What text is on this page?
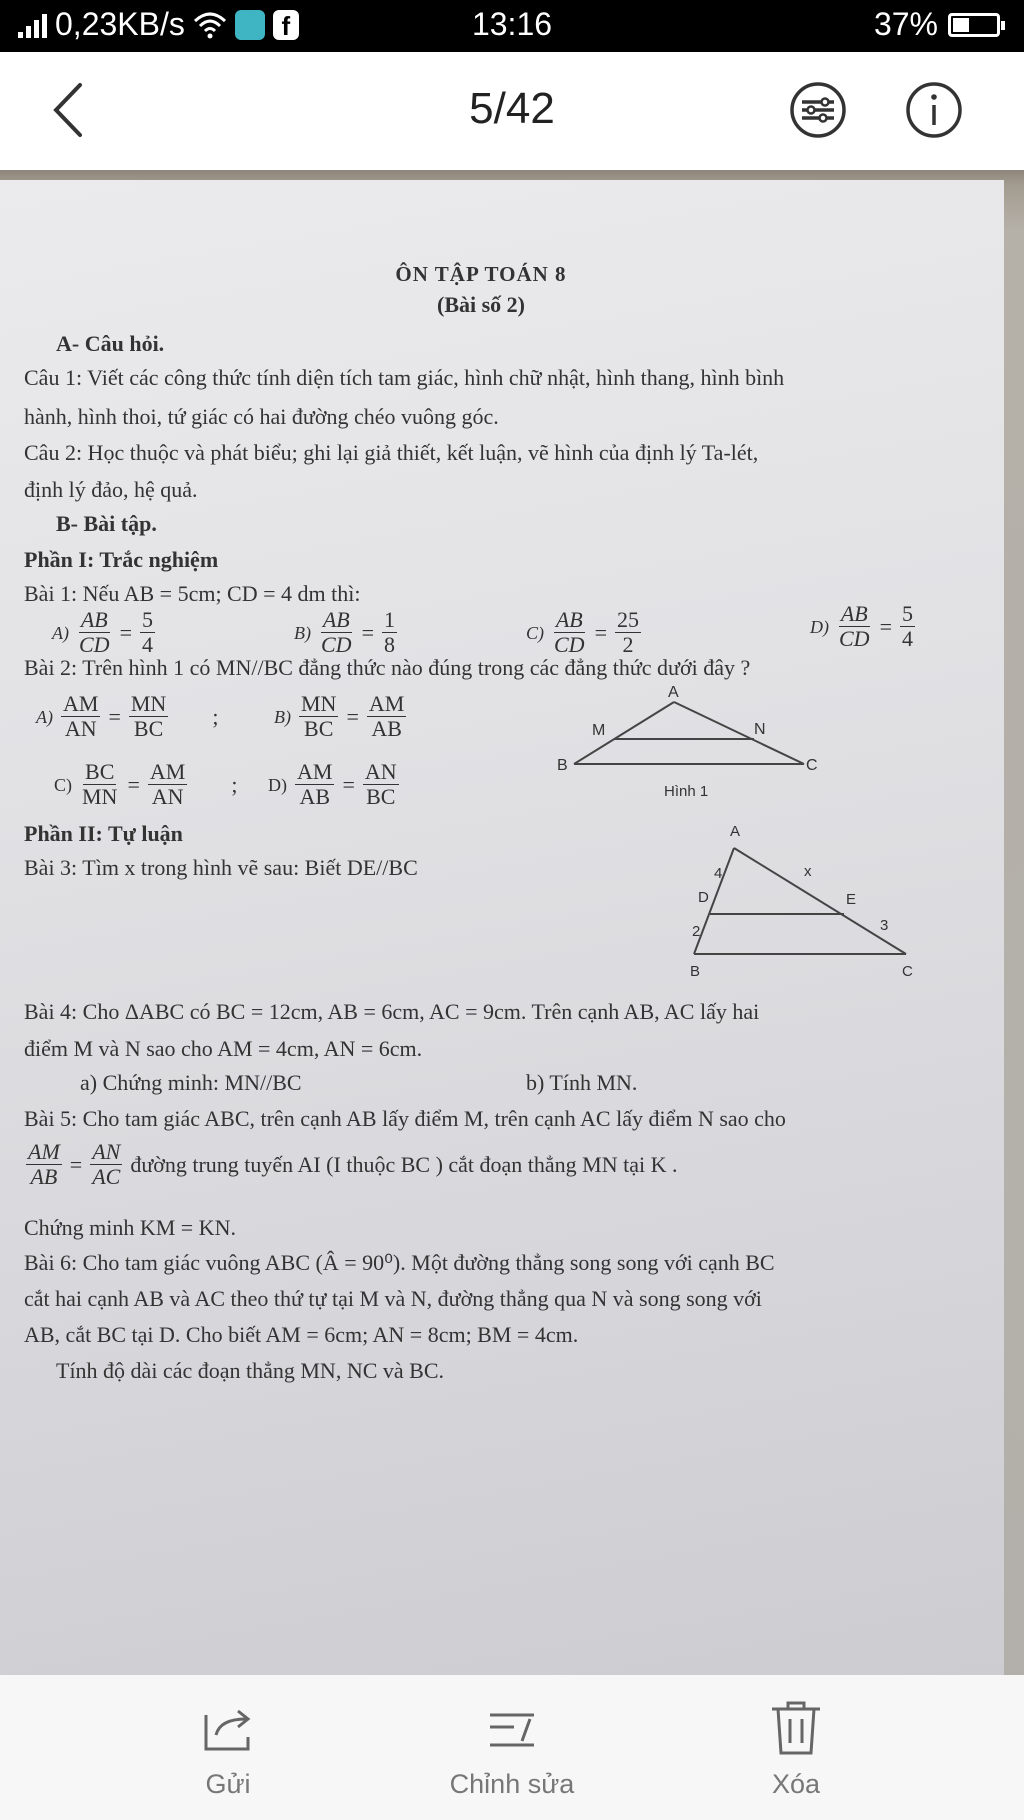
0,23KB/s	f	13:16	37%
5/42
ÔN TẬP TOÁN 8
(Bài số 2)
A- Câu hỏi.
Câu 1: Viết các công thức tính diện tích tam giác, hình chữ nhật, hình thang, hình bình
hành, hình thoi, tứ giác có hai đường chéo vuông góc.
Câu 2: Học thuộc và phát biểu; ghi lại giả thiết, kết luận, vẽ hình của định lý Ta-lét,
định lý đảo, hệ quả.
B- Bài tập.
Phần I: Trắc nghiệm
Bài 1: Nếu AB = 5cm; CD = 4 dm thì:
$A) \frac{AB}{CD} = \frac{5}{4}$	$B) \frac{AB}{CD} = \frac{1}{8}$	$C) \frac{AB}{CD} = \frac{25}{2}$	$D) \frac{AB}{CD} = \frac{5}{4}$
Bài 2: Trên hình 1 có MN//BC đẳng thức nào đúng trong các đẳng thức dưới đây ?
$A) \frac{AM}{AN} = \frac{MN}{BC}$ ;	$B) \frac{MN}{BC} = \frac{AM}{AB}$
$C) \frac{BC}{MN} = \frac{AM}{AN}$ ; $D) \frac{AM}{AB} = \frac{AN}{BC}$
A
M	N
B	C
Hình 1
Phần II: Tự luận
Bài 3: Tìm x trong hình vẽ sau: Biết DE//BC
A
D	E
B	C
4
2
x
3
Bài 4: Cho ΔABC có BC = 12cm, AB = 6cm, AC = 9cm. Trên cạnh AB, AC lấy hai
điểm M và N sao cho AM = 4cm, AN = 6cm.
a) Chứng minh: MN//BC	b) Tính MN.
Bài 5: Cho tam giác ABC, trên cạnh AB lấy điểm M, trên cạnh AC lấy điểm N sao cho
$\frac{AM}{AB} = \frac{AN}{AC}$ đường trung tuyến AI (I thuộc BC ) cắt đoạn thẳng MN tại K .
Chứng minh KM = KN.
Bài 6: Cho tam giác vuông ABC (Â = 90⁰). Một đường thẳng song song với cạnh BC
cắt hai cạnh AB và AC theo thứ tự tại M và N, đường thẳng qua N và song song với
AB, cắt BC tại D. Cho biết AM = 6cm; AN = 8cm; BM = 4cm.
Tính độ dài các đoạn thẳng MN, NC và BC.
Gửi	Chỉnh sửa	Xóa
